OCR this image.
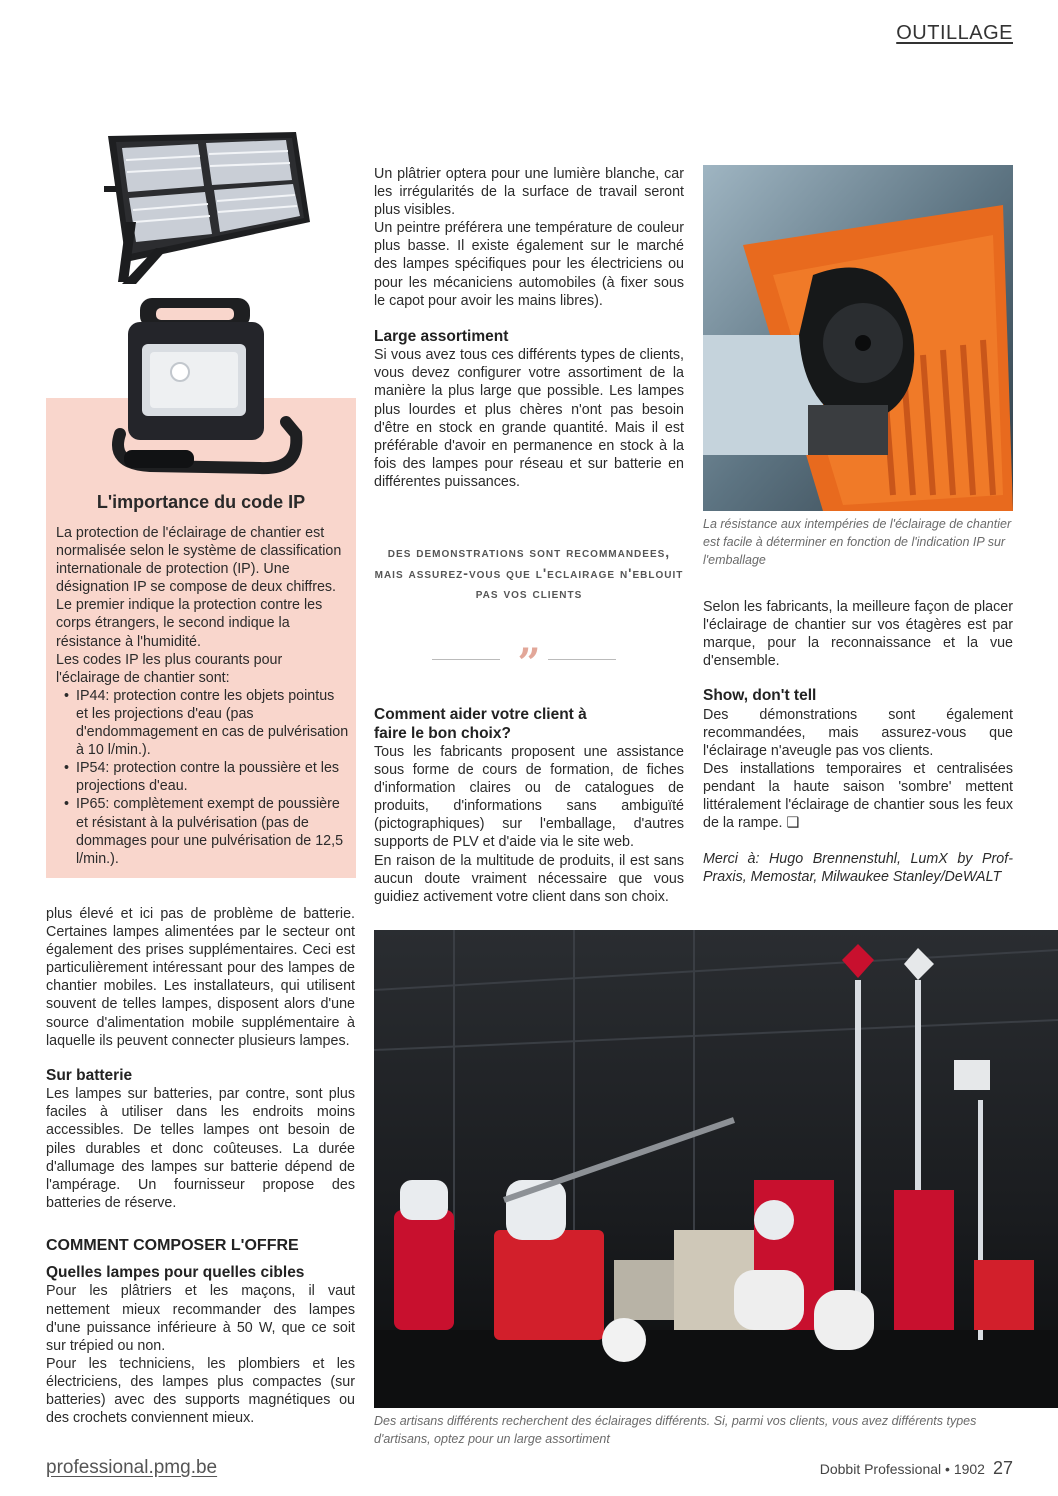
OUTILLAGE
L'importance du code IP

La protection de l'éclairage de chantier est normalisée selon le système de classification internationale de protection (IP). Une désignation IP se compose de deux chiffres.

Le premier indique la protection contre les corps étrangers, le second indique la résistance à l'humidité.

Les codes IP les plus courants pour l'éclairage de chantier sont:

• IP44: protection contre les objets pointus et les projections d'eau (pas d'endommagement en cas de pulvérisation à 10 l/min.).
• IP54: protection contre la poussière et les projections d'eau.
• IP65: complètement exempt de poussière et résistant à la pulvérisation (pas de dommages pour une pulvérisation de 12,5 l/min.).

plus élevé et ici pas de problème de batterie. Certaines lampes alimentées par le secteur ont également des prises supplémentaires. Ceci est particulièrement intéressant pour des lampes de chantier mobiles. Les installateurs, qui utilisent souvent de telles lampes, disposent alors d'une source d'alimentation mobile supplémentaire à laquelle ils peuvent connecter plusieurs lampes.

Sur batterie

Les lampes sur batteries, par contre, sont plus faciles à utiliser dans les endroits moins accessibles. De telles lampes ont besoin de piles durables et donc coûteuses. La durée d'allumage des lampes sur batterie dépend de l'ampérage. Un fournisseur propose des batteries de réserve.

COMMENT COMPOSER L'OFFRE
Quelles lampes pour quelles cibles

Pour les plâtriers et les maçons, il vaut nettement mieux recommander des lampes d'une puissance inférieure à 50 W, que ce soit sur trépied ou non.

Pour les techniciens, les plombiers et les électriciens, des lampes plus compactes (sur batteries) avec des supports magnétiques ou des crochets conviennent mieux.

Un plâtrier optera pour une lumière blanche, car les irrégularités de la surface de travail seront plus visibles.

Un peintre préférera une température de couleur plus basse. Il existe également sur le marché des lampes spécifiques pour les électriciens ou pour les mécaniciens automobiles (à fixer sous le capot pour avoir les mains libres).

Large assortiment

Si vous avez tous ces différents types de clients, vous devez configurer votre assortiment de la manière la plus large que possible. Les lampes plus lourdes et plus chères n'ont pas besoin d'être en stock en grande quantité. Mais il est préférable d'avoir en permanence en stock à la fois des lampes pour réseau et sur batterie en différentes puissances.

des demonstrations sont recommandees, mais assurez-vous que l'eclairage n'eblouit pas vos clients
”
Comment aider votre client à faire le bon choix?

Tous les fabricants proposent une assistance sous forme de cours de formation, de fiches d'information claires ou de catalogues de produits, d'informations sans ambiguïté (pictographiques) sur l'emballage, d'autres supports de PLV et d'aide via le site web.

En raison de la multitude de produits, il est sans aucun doute vraiment nécessaire que vous guidiez activement votre client dans son choix.

La résistance aux intempéries de l'éclairage de chantier est facile à déterminer en fonction de l'indication IP sur l'emballage

Selon les fabricants, la meilleure façon de placer l'éclairage de chantier sur vos étagères est par marque, pour la reconnaissance et la vue d'ensemble.

Show, don't tell

Des démonstrations sont également recommandées, mais assurez-vous que l'éclairage n'aveugle pas vos clients.

Des installations temporaires et centralisées pendant la haute saison 'sombre' mettent littéralement l'éclairage de chantier sous les feux de la rampe. ❑

Merci à: Hugo Brennenstuhl, LumX by Prof-Praxis, Memostar, Milwaukee Stanley/DeWALT

Des artisans différents recherchent des éclairages différents. Si, parmi vos clients, vous avez différents types d'artisans, optez pour un large assortiment
professional.pmg.be	Dobbit Professional • 1902 27
